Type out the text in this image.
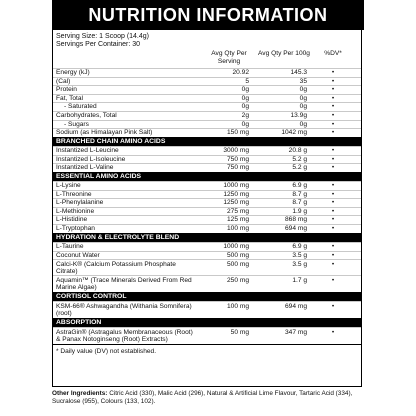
NUTRITION INFORMATION
Serving Size: 1 Scoop (14.4g)
Servings Per Container: 30
Avg Qty Per Serving
Avg Qty Per 100g	%DV*
Energy (kJ)	20.92	145.3	•
(Cal)	5	35	•
Protein	0g	0g	•
Fat, Total	0g	0g	•
- Saturated	0g	0g	•
Carbohydrates, Total	2g	13.9g	•
- Sugars	0g	0g	•
Sodium (as Himalayan Pink Salt)	150 mg	1042 mg	•
BRANCHED CHAIN AMINO ACIDS
Instantized L-Leucine	3000 mg	20.8 g	•
Instantized L-Isoleucine	750 mg	5.2 g	•
Instantized L-Valine	750 mg	5.2 g	•
ESSENTIAL AMINO ACIDS
L-Lysine	1000 mg	6.9 g	•
L-Threonine	1250 mg	8.7 g	•
L-Phenylalanine	1250 mg	8.7 g	•
L-Methionine	275 mg	1.9 g	•
L-Histidine	125 mg	868 mg	•
L-Tryptophan	100 mg	694 mg	•
HYDRATION & ELECTROLYTE BLEND
L-Taurine	1000 mg	6.9 g	•
Coconut Water	500 mg	3.5 g	•
Calci-K® (Calcium Potassium Phosphate Citrate)
500 mg	3.5 g	•
Aquamin™ (Trace Minerals Derived From Red Marine Algae)
250 mg	1.7 g	•
CORTISOL CONTROL
KSM-66® Ashwagandha (Withania Somnifera) (root)
100 mg	694 mg	•
ABSORPTION
AstraGin® (Astragalus Membranaceous (Root) & Panax Notoginseng (Root) Extracts)
50 mg	347 mg	•
* Daily value (DV) not established.
Other Ingredients: Citric Acid (330), Malic Acid (296), Natural & Artificial Lime Flavour, Tartaric Acid (334), Sucralose (955), Colours (133, 102).
